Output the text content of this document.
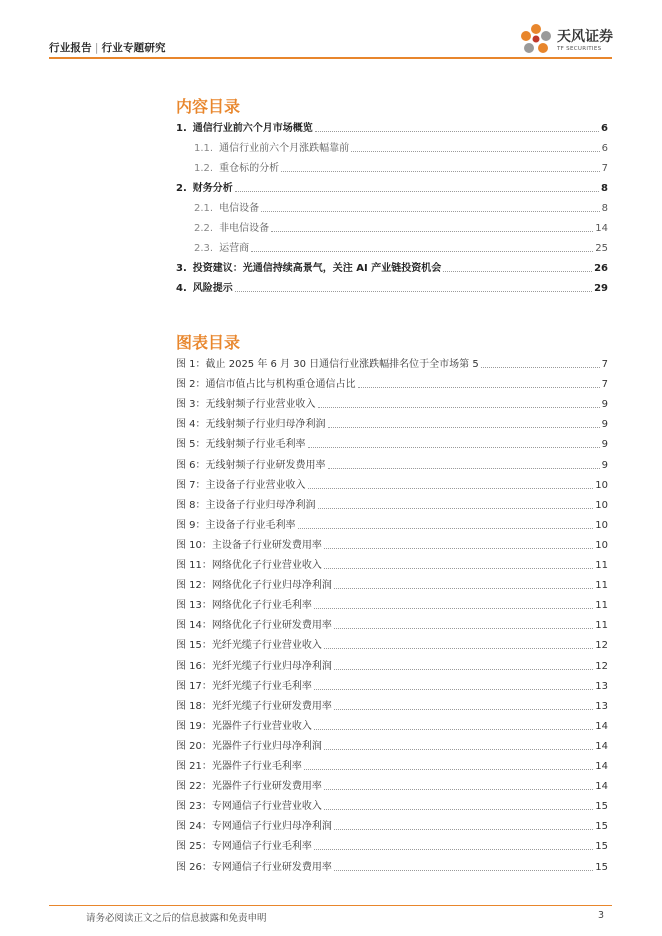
行业报告 | 行业专题研究
天风证券
TF SECURITIES
内容目录
1. 通信行业前六个月市场概览	6
1.1. 通信行业前六个月涨跌幅靠前	6
1.2. 重仓标的分析	7
2. 财务分析	8
2.1. 电信设备	8
2.2. 非电信设备	14
2.3. 运营商	25
3. 投资建议：光通信持续高景气，关注 AI 产业链投资机会	26
4. 风险提示	29
图表目录
图 1：截止 2025 年 6 月 30 日通信行业涨跌幅排名位于全市场第 5	7
图 2：通信市值占比与机构重仓通信占比	7
图 3：无线射频子行业营业收入	9
图 4：无线射频子行业归母净利润	9
图 5：无线射频子行业毛利率	9
图 6：无线射频子行业研发费用率	9
图 7：主设备子行业营业收入	10
图 8：主设备子行业归母净利润	10
图 9：主设备子行业毛利率	10
图 10：主设备子行业研发费用率	10
图 11：网络优化子行业营业收入	11
图 12：网络优化子行业归母净利润	11
图 13：网络优化子行业毛利率	11
图 14：网络优化子行业研发费用率	11
图 15：光纤光缆子行业营业收入	12
图 16：光纤光缆子行业归母净利润	12
图 17：光纤光缆子行业毛利率	13
图 18：光纤光缆子行业研发费用率	13
图 19：光器件子行业营业收入	14
图 20：光器件子行业归母净利润	14
图 21：光器件子行业毛利率	14
图 22：光器件子行业研发费用率	14
图 23：专网通信子行业营业收入	15
图 24：专网通信子行业归母净利润	15
图 25：专网通信子行业毛利率	15
图 26：专网通信子行业研发费用率	15
请务必阅读正文之后的信息披露和免责申明	3
